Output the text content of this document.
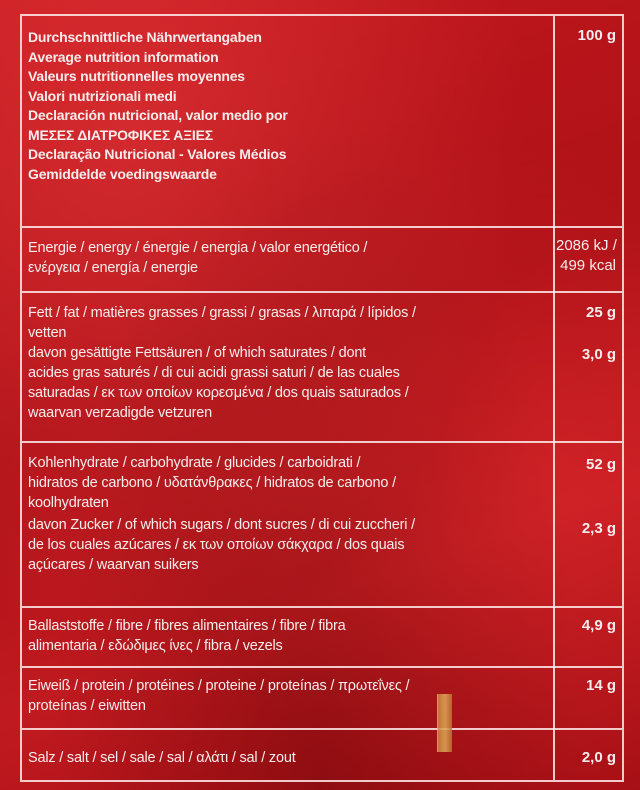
Durchschnittliche Nährwertangaben
Average nutrition information
Valeurs nutritionnelles moyennes
Valori nutrizionali medi
Declaración nutricional, valor medio por
ΜΕΣΕΣ ΔΙΑΤΡΟΦΙΚΕΣ ΑΞΙΕΣ
Declaração Nutricional - Valores Médios
Gemiddelde voedingswaarde
100 g
Energie / energy / énergie / energia / valor energético /
ενέργεια / energía / energie
2086 kJ /
499 kcal
Fett / fat / matières grasses / grassi / grasas / λιπαρά / lípidos /
vetten
25 g
davon gesättigte Fettsäuren / of which saturates / dont
acides gras saturés / di cui acidi grassi saturi / de las cuales
saturadas / εκ των οποίων κορεσμένα / dos quais saturados /
waarvan verzadigde vetzuren
3,0 g
Kohlenhydrate / carbohydrate / glucides / carboidrati /
hidratos de carbono / υδατάνθρακες / hidratos de carbono /
koolhydraten
52 g
davon Zucker / of which sugars / dont sucres / di cui zuccheri /
de los cuales azúcares / εκ των οποίων σάκχαρα / dos quais
açúcares / waarvan suikers
2,3 g
Ballaststoffe / fibre / fibres alimentaires / fibre / fibra
alimentaria / εδώδιμες ίνες / fibra / vezels
4,9 g
Eiweiß / protein / protéines / proteine / proteínas / πρωτεΐνες /
proteínas / eiwitten
14 g
Salz / salt / sel / sale / sal / αλάτι / sal / zout	2,0 g
